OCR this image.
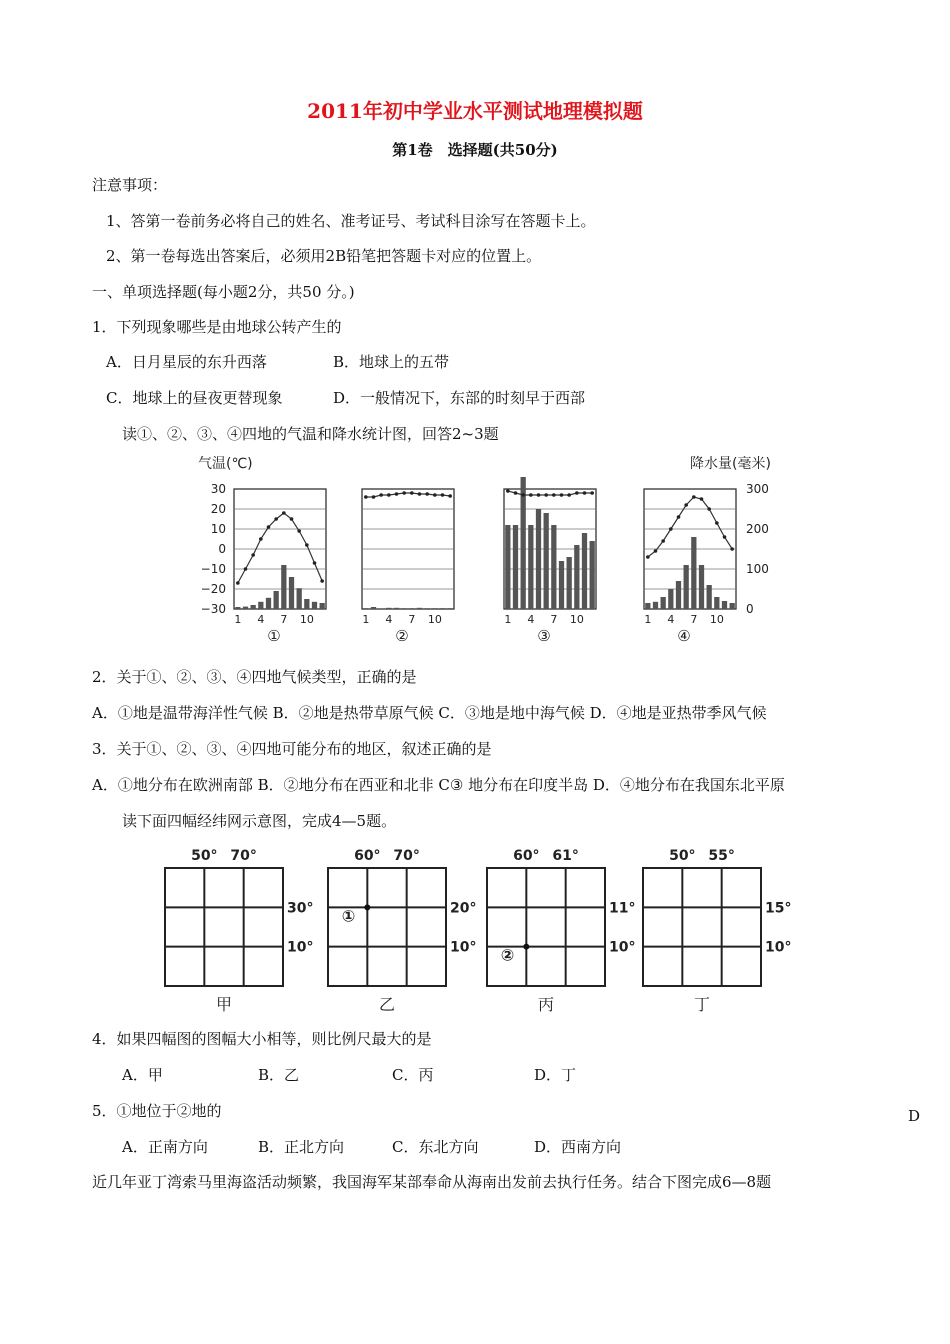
2011年初中学业水平测试地理模拟题
第1卷　选择题(共50分)
注意事项：
1、答第一卷前务必将自己的姓名、准考证号、考试科目涂写在答题卡上。
2、第一卷每选出答案后，必须用2B铅笔把答题卡对应的位置上。
一、单项选择题(每小题2分，共50 分。)
1．下列现象哪些是由地球公转产生的
A．日月星辰的东升西落	B．地球上的五带
C．地球上的昼夜更替现象	D．一般情况下，东部的时刻早于西部
读①、②、③、④四地的气温和降水统计图，回答2~3题
气温(℃)	降水量(毫米)
30
20
10
0
−10
−20
−30
300
200
100
0
1 4 7 10
①
1 4 7 10
②
1 4 7 10
③
1 4 7 10
④
2．关于①、②、③、④四地气候类型，正确的是
A．①地是温带海洋性气候 B．②地是热带草原气候 C．③地是地中海气候 D．④地是亚热带季风气候
3．关于①、②、③、④四地可能分布的地区，叙述正确的是
A．①地分布在欧洲南部 B．②地分布在西亚和北非 C③ 地分布在印度半岛 D．④地分布在我国东北平原
读下面四幅经纬网示意图，完成4—5题。
50° 70°
30°
10°
甲
60° 70°
20°
10°
乙
①
60° 61°
11°
10°
丙
②
50° 55°
15°
10°
丁
4．如果四幅图的图幅大小相等，则比例尺最大的是
A．甲	B．乙	C．丙	D．丁
5．①地位于②地的	D
A．正南方向	B．正北方向	C．东北方向	D．西南方向
近几年亚丁湾索马里海盗活动频繁，我国海军某部奉命从海南出发前去执行任务。结合下图完成6—8题
